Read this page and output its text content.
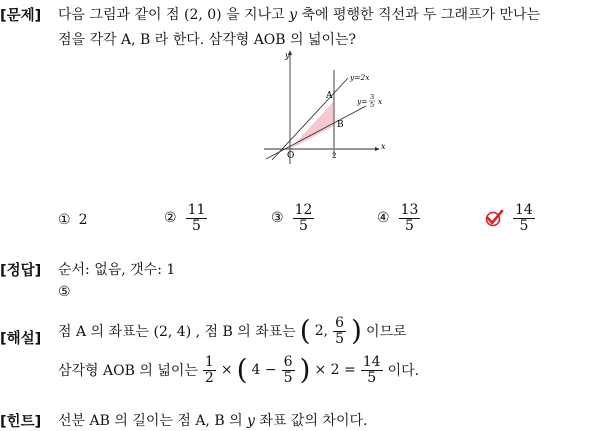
[문제] 다음 그림과 같이 점 (2, 0) 을 지나고 y 축에 평행한 직선과 두 그래프가 만나는
점을 각각 A, B 라 한다. 삼각형 AOB 의 넓이는?
y
x
O	2
A
B
y=2x
y= 3
5 x
① 2	② $\frac{11}{5}$	③ $\frac{12}{5}$	④ $\frac{13}{5}$	$\frac{14}{5}$
[정답] 순서: 없음, 갯수: 1
⑤
[해설] 점 A 의 좌표는 (2, 4) , 점 B 의 좌표는 ( 2, $\frac{6}{5}$ ) 이므로
삼각형 AOB 의 넓이는 $\frac{1}{2}$ × ( $4 - \frac{6}{5}$ ) × $2 = \frac{14}{5}$ 이다.
[힌트] 선분 AB 의 길이는 점 A, B 의 y 좌표 값의 차이다.
